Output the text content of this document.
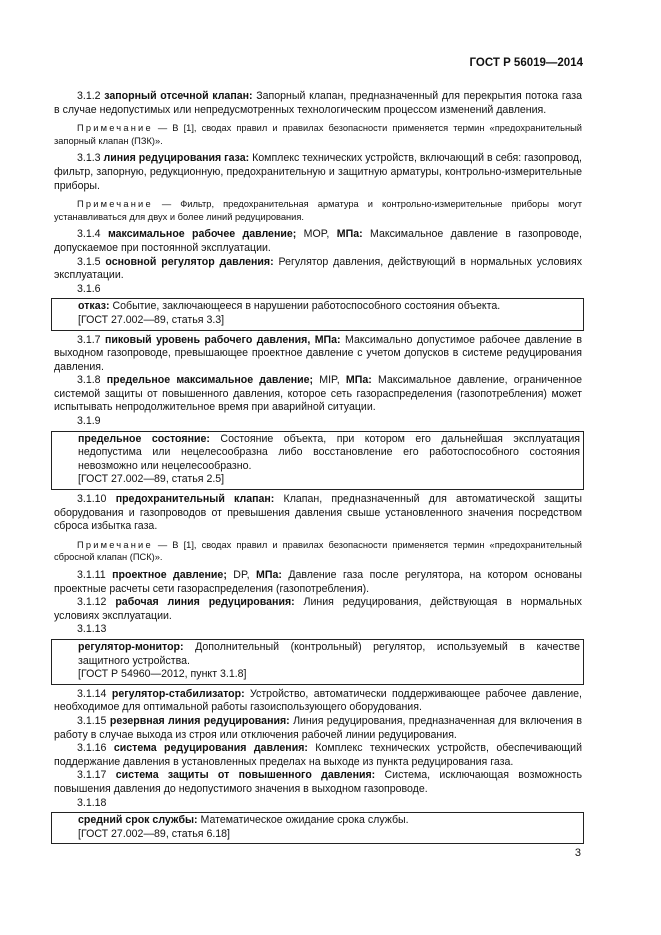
ГОСТ Р 56019—2014

3.1.2 запорный отсечной клапан: Запорный клапан, предназначенный для перекрытия потока газа в случае недопустимых или непредусмотренных технологическим процессом изменений давления.

Примечание — В [1], сводах правил и правилах безопасности применяется термин «предохранительный запорный клапан (ПЗК)».

3.1.3 линия редуцирования газа: Комплекс технических устройств, включающий в себя: газопровод, фильтр, запорную, редукционную, предохранительную и защитную арматуры, контрольно-измерительные приборы.

Примечание — Фильтр, предохранительная арматура и контрольно-измерительные приборы могут устанавливаться для двух и более линий редуцирования.

3.1.4 максимальное рабочее давление; MOP, МПа: Максимальное давление в газопроводе, допускаемое при постоянной эксплуатации.

3.1.5 основной регулятор давления: Регулятор давления, действующий в нормальных условиях эксплуатации.

3.1.6

отказ: Событие, заключающееся в нарушении работоспособного состояния объекта.

[ГОСТ 27.002—89, статья 3.3]

3.1.7 пиковый уровень рабочего давления, МПа: Максимально допустимое рабочее давление в выходном газопроводе, превышающее проектное давление с учетом допусков в системе редуцирования давления.

3.1.8 предельное максимальное давление; MIP, МПа: Максимальное давление, ограниченное системой защиты от повышенного давления, которое сеть газораспределения (газопотребления) может испытывать непродолжительное время при аварийной ситуации.

3.1.9

предельное состояние: Состояние объекта, при котором его дальнейшая эксплуатация недопустима или нецелесообразна либо восстановление его работоспособного состояния невозможно или нецелесообразно.

[ГОСТ 27.002—89, статья 2.5]

3.1.10 предохранительный клапан: Клапан, предназначенный для автоматической защиты оборудования и газопроводов от превышения давления свыше установленного значения посредством сброса избытка газа.

Примечание — В [1], сводах правил и правилах безопасности применяется термин «предохранительный сбросной клапан (ПСК)».

3.1.11 проектное давление; DP, МПа: Давление газа после регулятора, на котором основаны проектные расчеты сети газораспределения (газопотребления).

3.1.12 рабочая линия редуцирования: Линия редуцирования, действующая в нормальных условиях эксплуатации.

3.1.13

регулятор-монитор: Дополнительный (контрольный) регулятор, используемый в качестве защитного устройства.

[ГОСТ Р 54960—2012, пункт 3.1.8]

3.1.14 регулятор-стабилизатор: Устройство, автоматически поддерживающее рабочее давление, необходимое для оптимальной работы газоиспользующего оборудования.

3.1.15 резервная линия редуцирования: Линия редуцирования, предназначенная для включения в работу в случае выхода из строя или отключения рабочей линии редуцирования.

3.1.16 система редуцирования давления: Комплекс технических устройств, обеспечивающий поддержание давления в установленных пределах на выходе из пункта редуцирования газа.

3.1.17 система защиты от повышенного давления: Система, исключающая возможность повышения давления до недопустимого значения в выходном газопроводе.

3.1.18

средний срок службы: Математическое ожидание срока службы.

[ГОСТ 27.002—89, статья 6.18]

3
